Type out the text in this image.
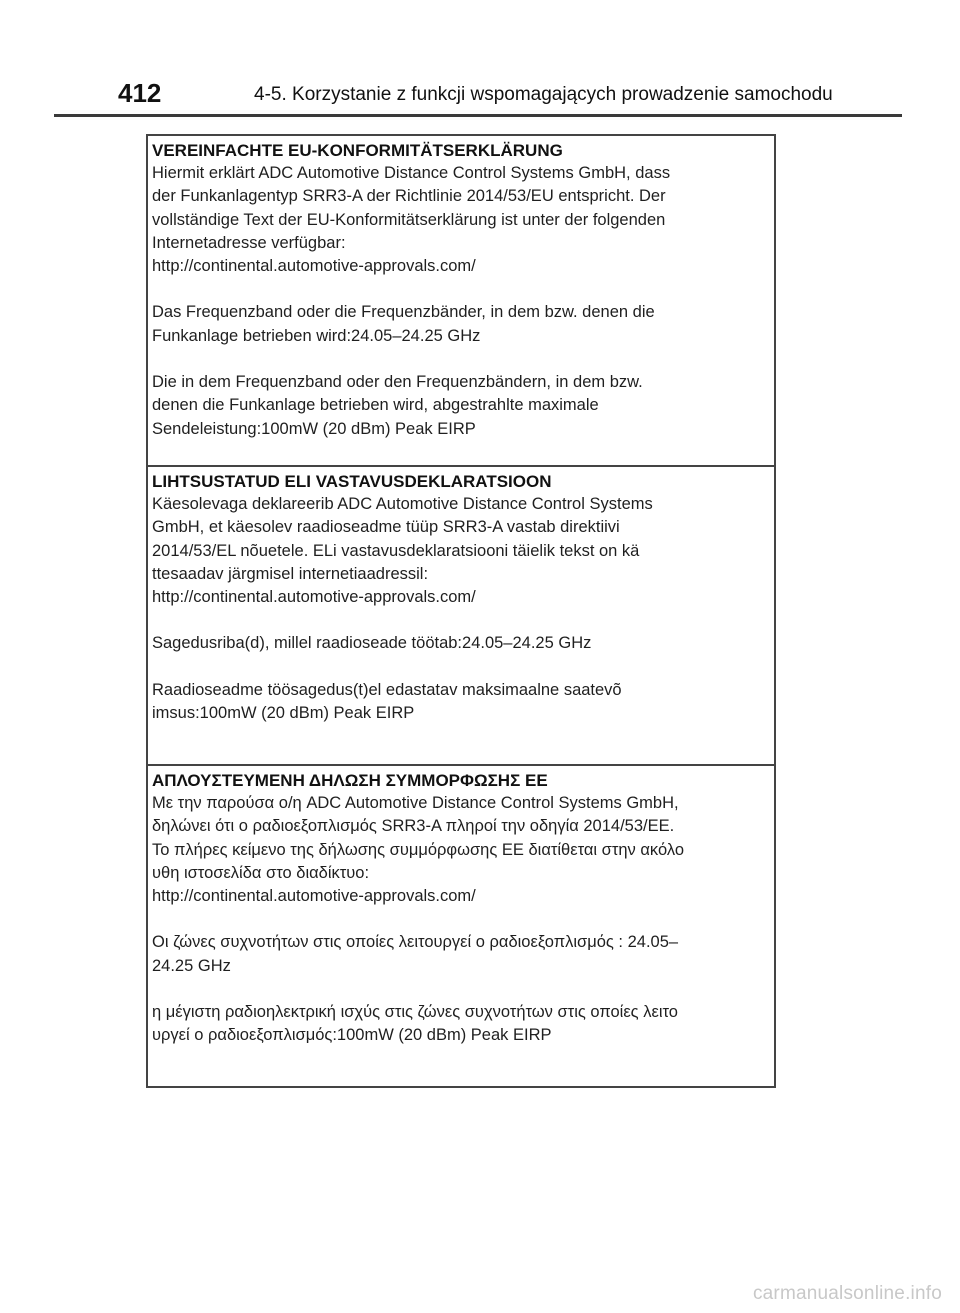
412	4-5. Korzystanie z funkcji wspomagających prowadzenie samochodu
VEREINFACHTE EU-KONFORMITÄTSERKLÄRUNG

Hiermit erklärt ADC Automotive Distance Control Systems GmbH, dass
der Funkanlagentyp SRR3-A der Richtlinie 2014/53/EU entspricht. Der
vollständige Text der EU-Konformitätserklärung ist unter der folgenden
Internetadresse verfügbar:
http://continental.automotive-approvals.com/

Das Frequenzband oder die Frequenzbänder, in dem bzw. denen die
Funkanlage betrieben wird:24.05–24.25 GHz

Die in dem Frequenzband oder den Frequenzbändern, in dem bzw.
denen die Funkanlage betrieben wird, abgestrahlte maximale
Sendeleistung:100mW (20 dBm) Peak EIRP

LIHTSUSTATUD ELI VASTAVUSDEKLARATSIOON

Käesolevaga deklareerib ADC Automotive Distance Control Systems
GmbH, et käesolev raadioseadme tüüp SRR3-A vastab direktiivi
2014/53/EL nõuetele. ELi vastavusdeklaratsiooni täielik tekst on kä
ttesaadav järgmisel internetiaadressil:
http://continental.automotive-approvals.com/

Sagedusriba(d), millel raadioseade töötab:24.05–24.25 GHz

Raadioseadme töösagedus(t)el edastatav maksimaalne saatevõ
imsus:100mW (20 dBm) Peak EIRP

ΑΠΛΟΥΣΤΕΥΜΕΝΗ ΔΗΛΩΣΗ ΣΥΜΜΟΡΦΩΣΗΣ ΕΕ

Με την παρούσα ο/η ADC Automotive Distance Control Systems GmbH,
δηλώνει ότι ο ραδιοεξοπλισμός SRR3-A πληροί την οδηγία 2014/53/ΕΕ.
Το πλήρες κείμενο της δήλωσης συμμόρφωσης ΕΕ διατίθεται στην ακόλο
υθη ιστοσελίδα στο διαδίκτυο:
http://continental.automotive-approvals.com/

Οι ζώνες συχνοτήτων στις οποίες λειτουργεί ο ραδιοεξοπλισμός : 24.05–
24.25 GHz

η μέγιστη ραδιοηλεκτρική ισχύς στις ζώνες συχνοτήτων στις οποίες λειτο
υργεί ο ραδιοεξοπλισμός:100mW (20 dBm) Peak EIRP

carmanualsonline.info
